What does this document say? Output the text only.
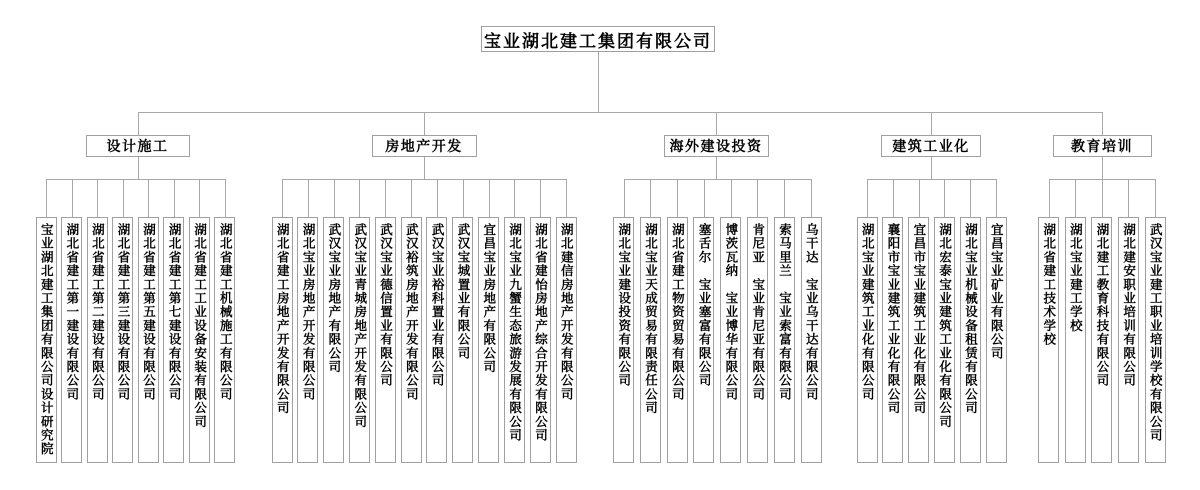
宝业湖北建工集团有限公司
设计施工
宝业湖北建工集团有限公司设计研究院 湖北省建工第一建设有限公司 湖北省建工第二建设有限公司 湖北省建工第三建设有限公司 湖北省建工第五建设有限公司 湖北省建工第七建设有限公司 湖北省建工工业设备安装有限公司 湖北省建工机械施工有限公司
房地产开发
湖北省建工房地产开发有限公司 湖北宝业房地产开发有限公司 武汉宝业房地产有限公司 武汉宝业青城房地产开发有限公司 武汉宝业德信置业有限公司 武汉裕筑房地产开发有限公司 武汉宝业裕科置业有限公司 武汉宝城置业有限公司 宜昌宝业房地产有限公司 湖北宝业九蟹生态旅游发展有限公司 湖北省建怡房地产综合开发有限公司 湖北建信房地产开发有限公司
海外建设投资
湖北宝业建设投资有限公司 湖北宝业天成贸易有限责任公司 湖北省建工物资贸易有限公司 塞舌尔　宝业塞富有限公司 博茨瓦纳　宝业博华有限公司 肯尼亚　宝业肯尼亚有限公司 索马里兰　宝业索富有限公司 乌干达　宝业乌干达有限公司
建筑工业化
湖北宝业建筑工业化有限公司 襄阳市宝业建筑工业化有限公司 宜昌市宝业建筑工业化有限公司 湖北宏泰宝业建筑工业化有限公司 湖北宝业机械设备租赁有限公司 宜昌宝业矿业有限公司
教育培训
湖北省建工技术学校 湖北宝业建工学校 湖北建工教育科技有限公司 湖北建安职业培训有限公司 武汉宝业建工职业培训学校有限公司
